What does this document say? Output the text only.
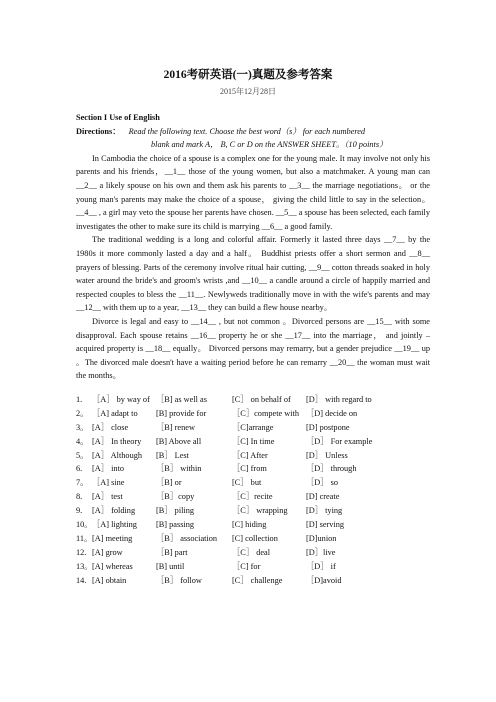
2016考研英语(一)真题及参考答案
2015年12月28日
Section I Use of English
Directions： Read the following text. Choose the best word（s） for each numbered
blank and mark A， B, C or D on the ANSWER SHEET。（10 points）

In Cambodia the choice of a spouse is a complex one for the young male. It may involve not only his parents and his friends，__1__ those of the young women, but also a matchmaker. A young man can __2__ a likely spouse on his own and them ask his parents to __3__ the marriage negotiations。 or the young man's parents may make the choice of a spouse， giving the child little to say in the selection。 __4__ , a girl may veto the spouse her parents have chosen. __5__ a spouse has been selected, each family investigates the other to make sure its child is marrying __6__ a good family.

The traditional wedding is a long and colorful affair. Formerly it lasted three days __7__ by the 1980s it more commonly lasted a day and a half。 Buddhist priests offer a short sermon and __8__ prayers of blessing. Parts of the ceremony involve ritual hair cutting, __9__ cotton threads soaked in holy water around the bride's and groom's wrists ,and __10__ a candle around a circle of happily married and respected couples to bless the __11__. Newlyweds traditionally move in with the wife's parents and may __12__ with them up to a year, __13__ they can build a flew house nearby。

Divorce is legal and easy to __14__ , but not common 。Divorced persons are __15__ with some disapproval. Each spouse retains __16__ property he or she __17__ into the marriage， and jointly –acquired property is __18__ equally。 Divorced persons may remarry, but a gender prejudice __19__ up 。The divorced male doesn't have a waiting period before he can remarry __20__ the woman must wait the months。

1.	［A］ by way of ［B] as well as	[C］ on behalf of	[D］ with regard to
2。 ［A] adapt to	[B] provide for	［C］compete with ［D] decide on
3。 [A］ close	［B] renew	［C]arrange	[D] postpone
4。 [A］ In theory	[B] Above all	［C] In time	［D］ For example
5。 [A］ Although	[B］ Lest	［C] After	[D］ Unless
6.	[A］ into	［B］ within	［C] from	［D］ through
7。 ［A] sine	［B] or	[C］ but	［D］ so
8.	[A］ test	［B］copy	［C］recite	[D] create
9.	[A］ folding	[B］ piling	［C］ wrapping	[D］ tying
10。 ［A] lighting	[B] passing	[C] hiding	[D] serving
11。 [A] meeting	［B］ association	[C] collection	[D]union
12. [A] grow	［B] part	［C］ deal	[D］live
13。 [A] whereas	[B] until	［C] for	［D］ if
14. [A] obtain	［B］ follow	[C］ challenge	［D]avoid
